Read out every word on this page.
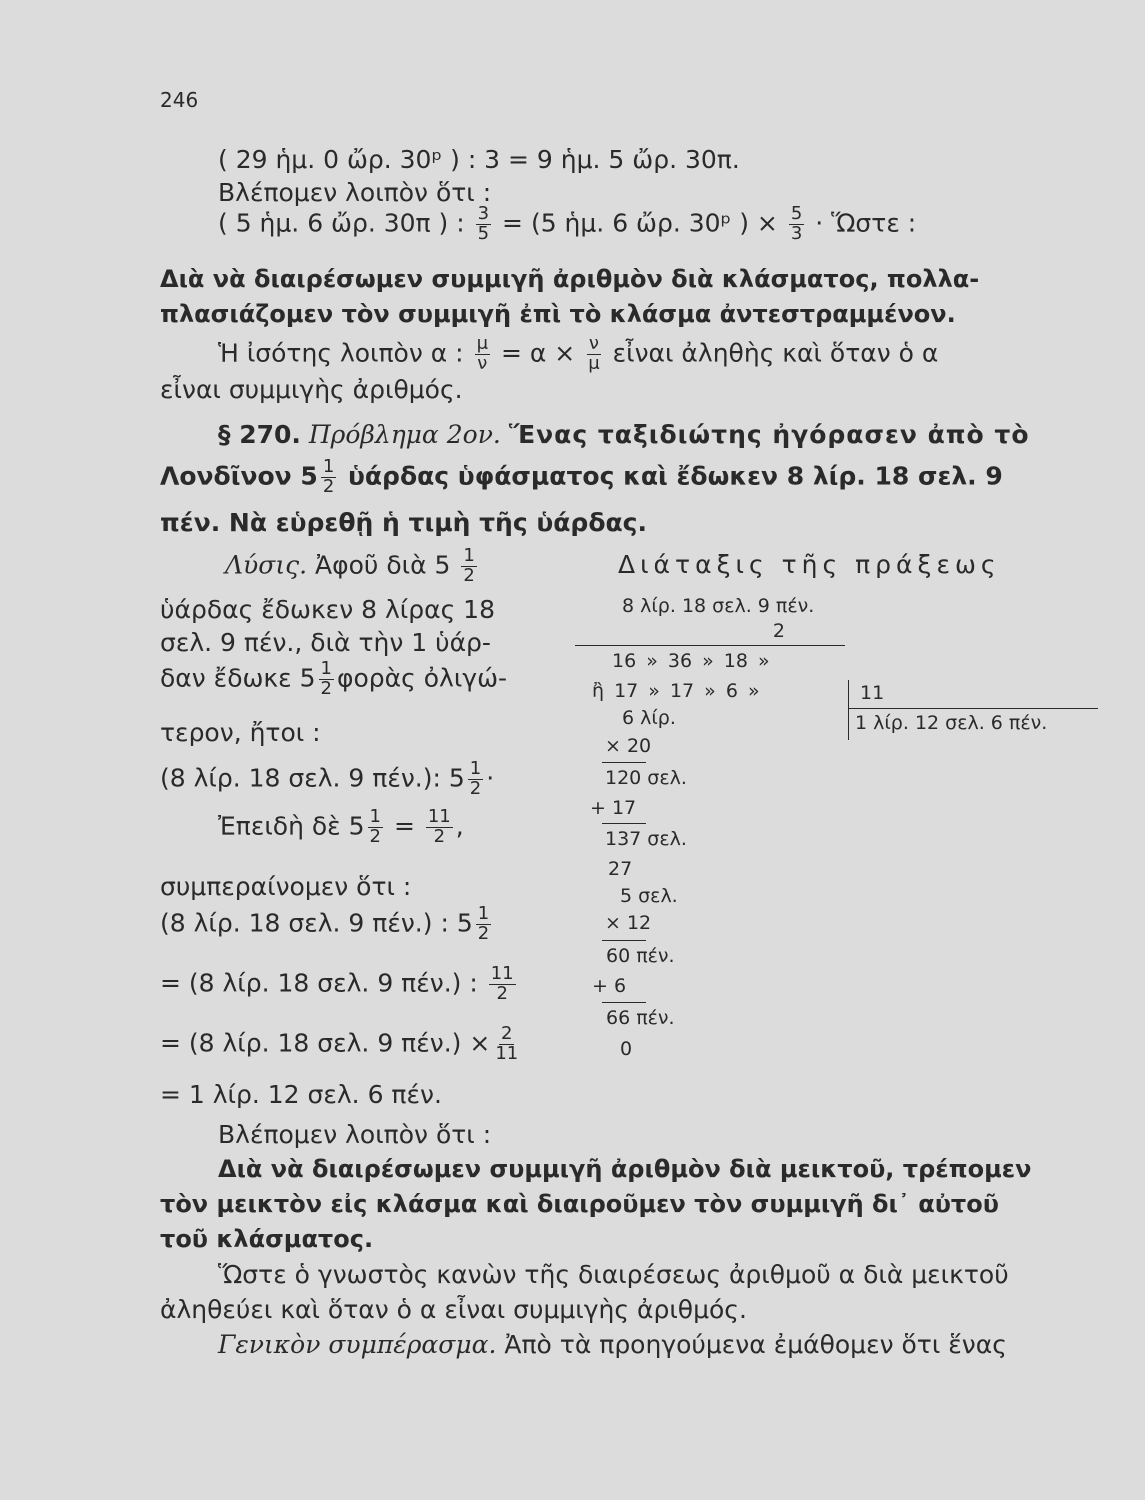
246
( 29 ἡμ. 0 ὤρ. 30ᵖ ) : 3 = 9 ἡμ. 5 ὤρ. 30π.
Βλέπομεν λοιπὸν ὅτι :
( 5 ἡμ. 6 ὤρ. 30π ) : $\frac{3}{5} = (5$ ἡμ. 6 ὤρ. 30ᵖ ) × $\frac{5}{3}$ · Ὥστε :
Διὰ νὰ διαιρέσωμεν συμμιγῆ ἀριθμὸν διὰ κλάσματος, πολλα-
πλασιάζομεν τὸν συμμιγῆ ἐπὶ τὸ κλάσμα ἀντεστραμμένον.
Ἡ ἰσότης λοιπὸν α : $\frac{\mu}{\nu} = \alpha \times \frac{\nu}{\mu}$ εἶναι ἀληθὴς καὶ ὅταν ὁ α
εἶναι συμμιγὴς ἀριθμός.
§ 270. Πρόβλημα 2ον. Ἕνας ταξιδιώτης ἠγόρασεν ἀπὸ τὸ
Λονδῖνον $5 \frac{1}{2}$ ὑάρδας ὑφάσματος καὶ ἔδωκεν 8 λίρ. 18 σελ. 9
πέν. Νὰ εὑρεθῇ ἡ τιμὴ τῆς ὑάρδας.
Λύσις. Ἀφοῦ διὰ $5 \frac{1}{2}$
ὑάρδας ἔδωκεν 8 λίρας 18
σελ. 9 πέν., διὰ τὴν 1 ὑάρ-
δαν ἔδωκε $5 \frac{1}{2}$ φορὰς ὀλιγώ-
τερον, ἤτοι :
(8 λίρ. 18 σελ. 9 πέν.): $5 \frac{1}{2}$ ·
Ἐπειδὴ δὲ $5 \frac{1}{2} = \frac{11}{2}$ ,
συμπεραίνομεν ὅτι :
(8 λίρ. 18 σελ. 9 πέν.) : $5 \frac{1}{2}$
= (8 λίρ. 18 σελ. 9 πέν.) : $\frac{11}{2}$
= (8 λίρ. 18 σελ. 9 $\pi έ\nu.) \times \frac{2}{11}$
= 1 λίρ. 12 σελ. 6 πέν.
Διάταξις τῆς πράξεως
8 λίρ. 18 σελ. 9 πέν.
2
16 » 36 » 18 »
ἢ 17 » 17 » 6 »	11
1 λίρ. 12 σελ. 6 πέν.
6 λίρ.
× 20
120 σελ.
+ 17
137 σελ.
27
5 σελ.
× 12
60 πέν.
+ 6
66 πέν.
0
Βλέπομεν λοιπὸν ὅτι :
Διὰ νὰ διαιρέσωμεν συμμιγῆ ἀριθμὸν διὰ μεικτοῦ, τρέπομεν
τὸν μεικτὸν εἰς κλάσμα καὶ διαιροῦμεν τὸν συμμιγῆ δι᾽ αὐτοῦ
τοῦ κλάσματος.
Ὥστε ὁ γνωστὸς κανὼν τῆς διαιρέσεως ἀριθμοῦ α διὰ μεικτοῦ
ἀληθεύει καὶ ὅταν ὁ α εἶναι συμμιγὴς ἀριθμός.
Γενικὸν συμπέρασμα. Ἀπὸ τὰ προηγούμενα ἐμάθομεν ὅτι ἕνας
